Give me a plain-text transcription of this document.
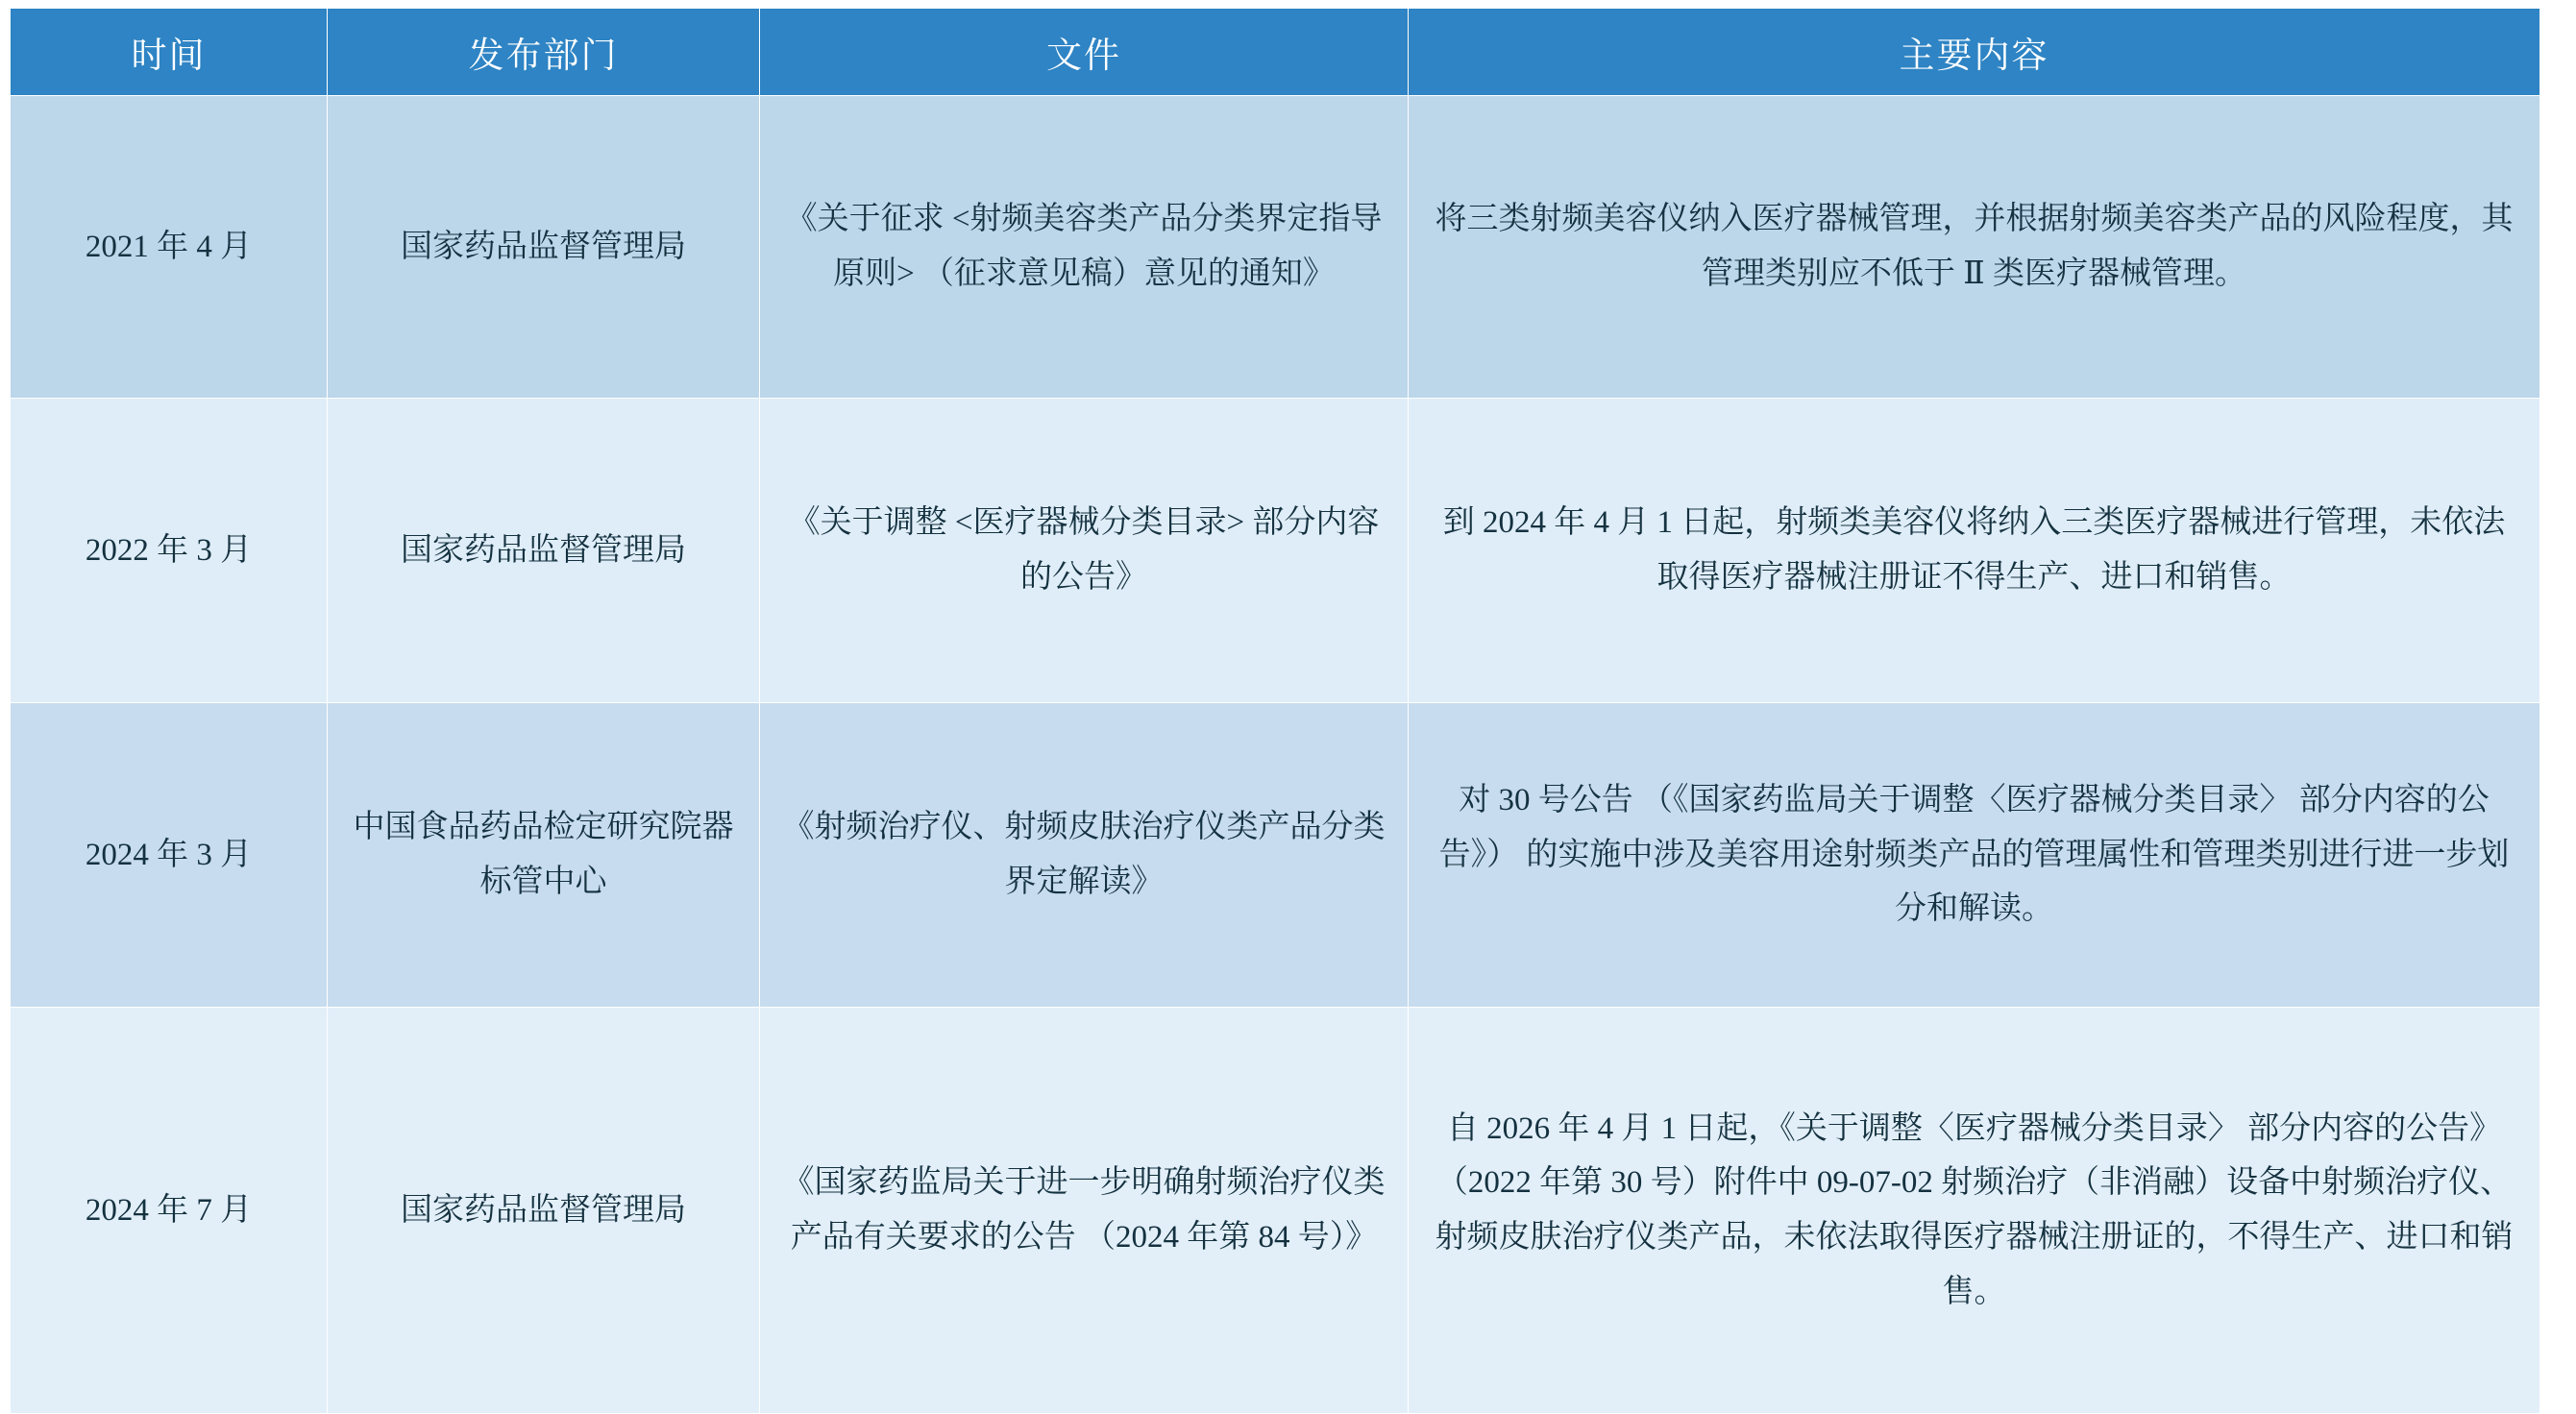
时间	发布部门	文件	主要内容

2021 年 4 月	国家药品监督管理局	《关于征求 <射频美容类产品分类界定指导原则> （征求意见稿）意见的通知》	将三类射频美容仪纳入医疗器械管理，并根据射频美容类产品的风险程度，其管理类别应不低于 Ⅱ 类医疗器械管理。

2022 年 3 月	国家药品监督管理局	《关于调整 <医疗器械分类目录> 部分内容的公告》	到 2024 年 4 月 1 日起，射频类美容仪将纳入三类医疗器械进行管理，未依法取得医疗器械注册证不得生产、进口和销售。

2024 年 3 月	中国食品药品检定研究院器标管中心	《射频治疗仪、射频皮肤治疗仪类产品分类界定解读》	对 30 号公告 （《国家药监局关于调整〈医疗器械分类目录〉 部分内容的公告》） 的实施中涉及美容用途射频类产品的管理属性和管理类别进行进一步划分和解读。

2024 年 7 月	国家药品监督管理局	《国家药监局关于进一步明确射频治疗仪类产品有关要求的公告 （2024 年第 84 号）》	自 2026 年 4 月 1 日起，《关于调整〈医疗器械分类目录〉 部分内容的公告》 （2022 年第 30 号）附件中 09-07-02 射频治疗（非消融）设备中射频治疗仪、射频皮肤治疗仪类产品，未依法取得医疗器械注册证的，不得生产、进口和销售。
